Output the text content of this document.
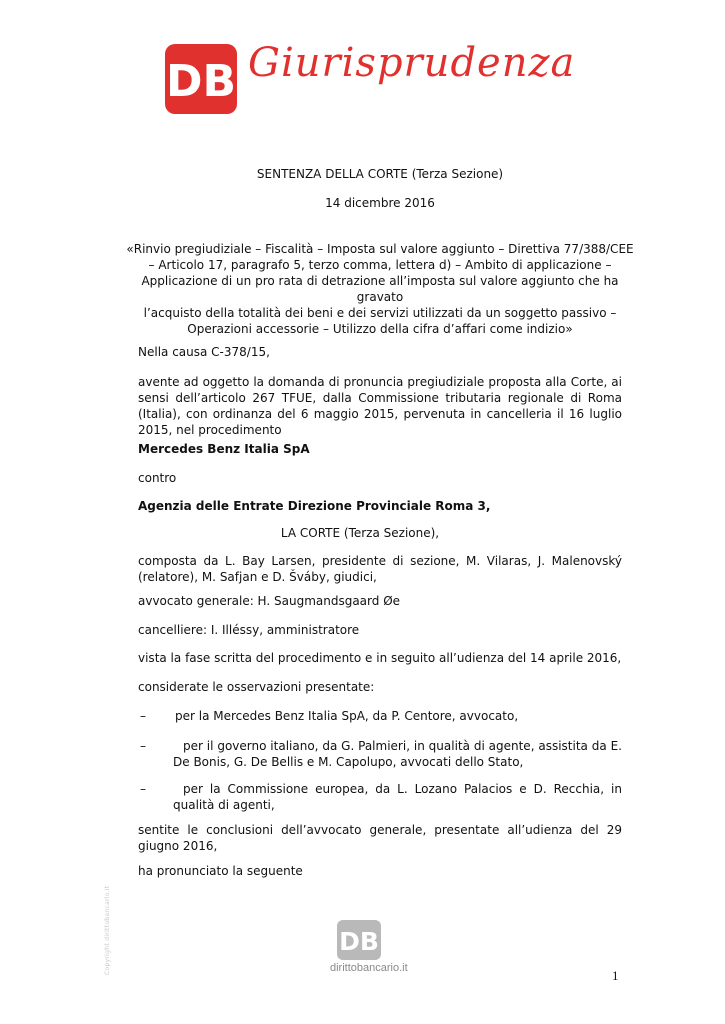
DB Giurisprudenza
SENTENZA DELLA CORTE (Terza Sezione)
14 dicembre 2016
«Rinvio pregiudiziale – Fiscalità – Imposta sul valore aggiunto – Direttiva 77/388/CEE
– Articolo 17, paragrafo 5, terzo comma, lettera d) – Ambito di applicazione –
Applicazione di un pro rata di detrazione all’imposta sul valore aggiunto che ha gravato
l’acquisto della totalità dei beni e dei servizi utilizzati da un soggetto passivo –
Operazioni accessorie – Utilizzo della cifra d’affari come indizio»
Nella causa C-378/15,
avente ad oggetto la domanda di pronuncia pregiudiziale proposta alla Corte, ai sensi dell’articolo 267 TFUE, dalla Commissione tributaria regionale di Roma (Italia), con ordinanza del 6 maggio 2015, pervenuta in cancelleria il 16 luglio 2015, nel procedimento
Mercedes Benz Italia SpA
contro
Agenzia delle Entrate Direzione Provinciale Roma 3,
LA CORTE (Terza Sezione),
composta da L. Bay Larsen, presidente di sezione, M. Vilaras, J. Malenovský (relatore), M. Safjan e D. Šváby, giudici,
avvocato generale: H. Saugmandsgaard Øe
cancelliere: I. Illéssy, amministratore
vista la fase scritta del procedimento e in seguito all’udienza del 14 aprile 2016,
considerate le osservazioni presentate:
– per la Mercedes Benz Italia SpA, da P. Centore, avvocato,
–	per il governo italiano, da G. Palmieri, in qualità di agente, assistita da E. De Bonis, G. De Bellis e M. Capolupo, avvocati dello Stato,
–	per la Commissione europea, da L. Lozano Palacios e D. Recchia, in qualità di agenti,
sentite le conclusioni dell’avvocato generale, presentate all’udienza del 29 giugno 2016,
ha pronunciato la seguente
Copyright dirittobancario.it	DB
dirittobancario.it	1
